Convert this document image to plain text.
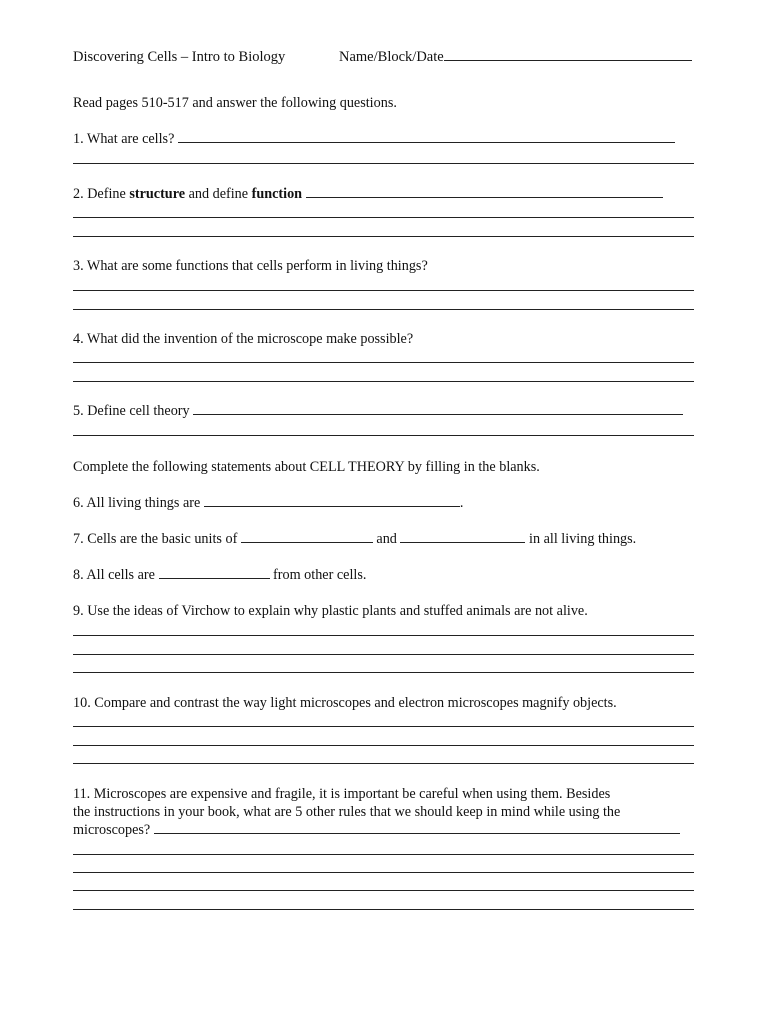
Discovering Cells – Intro to Biology	Name/Block/Date
Read pages 510-517 and answer the following questions.
1. What are cells?
2. Define structure and define function
3. What are some functions that cells perform in living things?
4. What did the invention of the microscope make possible?
5. Define cell theory
Complete the following statements about CELL THEORY by filling in the blanks.
6. All living things are	.
7. Cells are the basic units of	and	in all living things.
8. All cells are	from other cells.
9. Use the ideas of Virchow to explain why plastic plants and stuffed animals are not alive.
10. Compare and contrast the way light microscopes and electron microscopes magnify objects.
11. Microscopes are expensive and fragile, it is important be careful when using them. Besides
the instructions in your book, what are 5 other rules that we should keep in mind while using the
microscopes?
